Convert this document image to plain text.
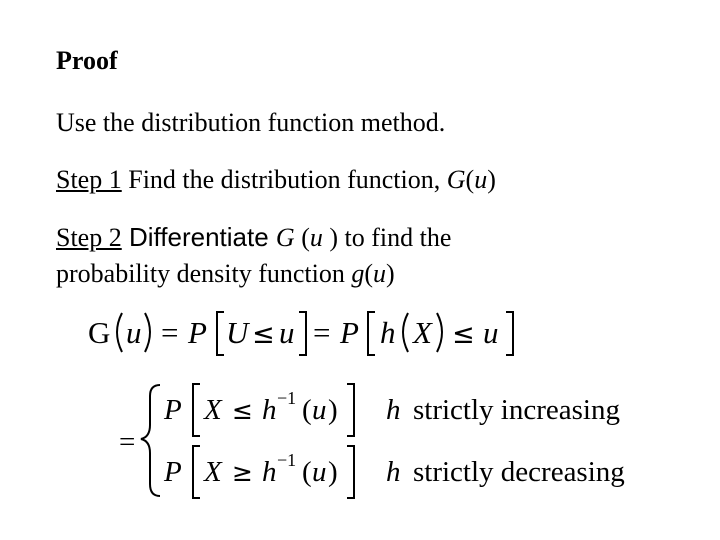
Proof
Use the distribution function method.
Step 1 Find the distribution function, G(u)
Step 2 Differentiate G (u ) to find the
probability density function g(u)
G u = P U ≤ u = P h X ≤ u
=
P X ≤ h −1 ( u ) h strictly increasing
P X ≥ h −1 ( u ) h strictly decreasing
